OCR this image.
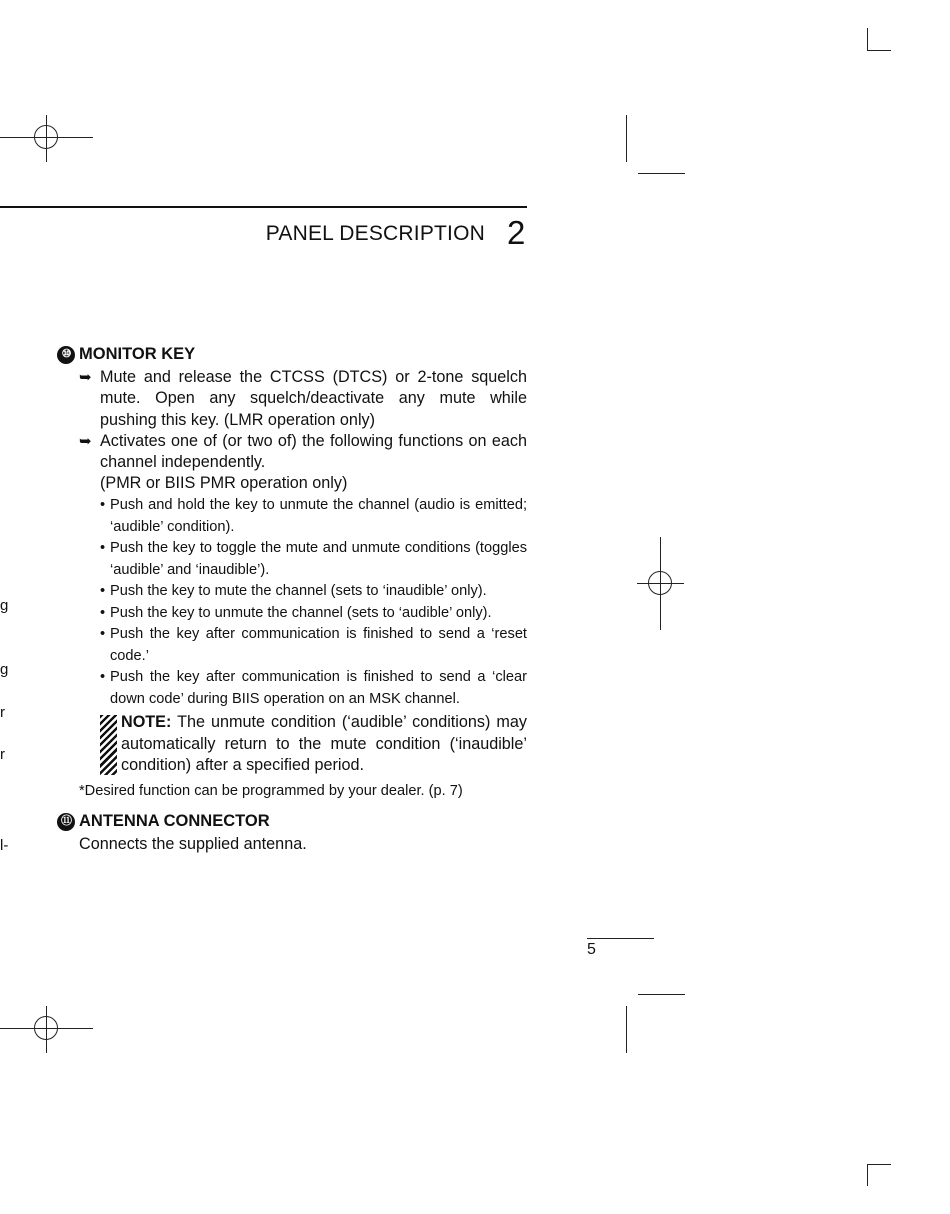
PANEL DESCRIPTION 2
g
g
r
r
l-
⑩ MONITOR KEY
➥ Mute and release the CTCSS (DTCS) or 2-tone squelch mute. Open any squelch/deactivate any mute while pushing this key. (LMR operation only)
➥ Activates one of (or two of) the following functions on each channel independently.
(PMR or BIIS PMR operation only)
• Push and hold the key to unmute the channel (audio is emitted; ‘audible’ condition).
• Push the key to toggle the mute and unmute conditions (toggles ‘audible’ and ‘inaudible’).
• Push the key to mute the channel (sets to ‘inaudible’ only).
• Push the key to unmute the channel (sets to ‘audible’ only).
• Push the key after communication is finished to send a ‘reset code.’
• Push the key after communication is finished to send a ‘clear down code’ during BIIS operation on an MSK channel.
NOTE: The unmute condition (‘audible’ conditions) may automatically return to the mute condition (‘inaudible’ condition) after a specified period.
*Desired function can be programmed by your dealer. (p. 7)
⑪ ANTENNA CONNECTOR
Connects the supplied antenna.
5
